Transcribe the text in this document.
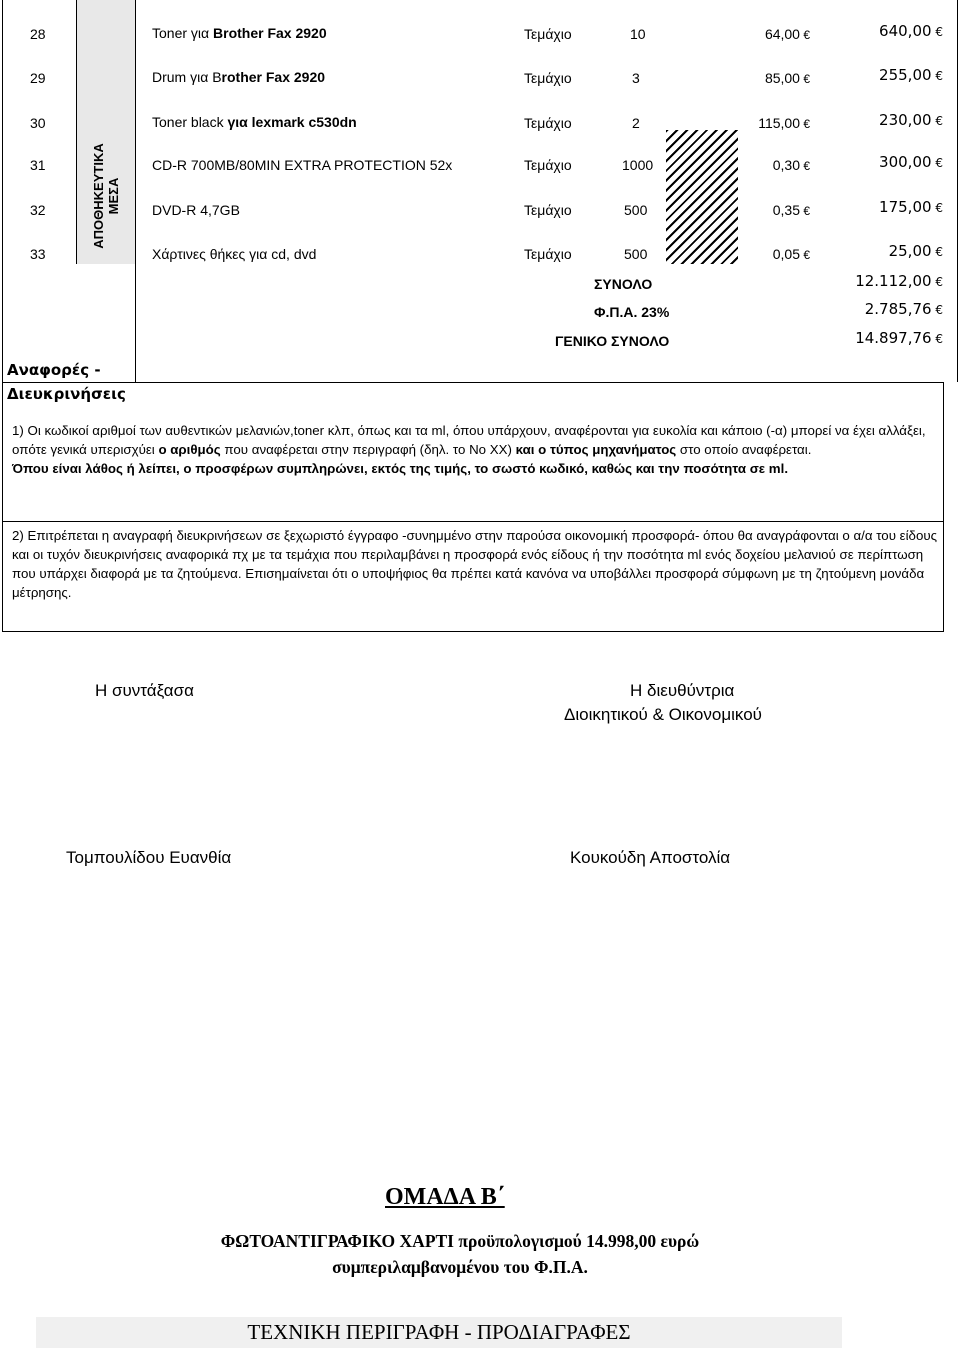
28	Toner για Brother Fax 2920	Τεμάχιο	10	64,00 €	640,00 €
29	Drum για Brother Fax 2920	Τεμάχιο	3	85,00 €	255,00 €
30	Toner black για lexmark c530dn	Τεμάχιο	2	115,00 €	230,00 €
31	CD-R 700MB/80MIN EXTRA PROTECTION 52x	Τεμάχιο	1000	0,30 €	300,00 €
32	DVD-R 4,7GB	Τεμάχιο	500	0,35 €	175,00 €
33	Χάρτινες θήκες για cd, dvd	Τεμάχιο	500	0,05 €	25,00 €
ΑΠΟΘΗΚΕΥΤΙΚΑ ΜΕΣΑ
ΣΥΝΟΛΟ	12.112,00 €
Φ.Π.Α. 23%	2.785,76 €
ΓΕΝΙΚΟ ΣΥΝΟΛΟ	14.897,76 €
Αναφορές -
Διευκρινήσεις

1) Οι κωδικοί αριθμοί των αυθεντικών μελανιών,toner κλπ, όπως και τα ml, όπου υπάρχουν, αναφέρονται για ευκολία και κάποιο (-α) μπορεί να έχει αλλάξει, οπότε γενικά υπερισχύει ο αριθμός που αναφέρεται στην περιγραφή (δηλ. το Νο ΧΧ) και ο τύπος μηχανήματος στο οποίο αναφέρεται.

Όπου είναι λάθος ή λείπει, ο προσφέρων συμπληρώνει, εκτός της τιμής, το σωστό κωδικό, καθώς και την ποσότητα σε ml.

2) Επιτρέπεται η αναγραφή διευκρινήσεων σε ξεχωριστό έγγραφο -συνημμένο στην παρούσα οικονομική προσφορά- όπου θα αναγράφονται ο α/α του είδους και οι τυχόν διευκρινήσεις αναφορικά πχ με τα τεμάχια που περιλαμβάνει η προσφορά ενός είδους ή την ποσότητα ml ενός δοχείου μελανιού σε περίπτωση που υπάρχει διαφορά με τα ζητούμενα. Επισημαίνεται ότι ο υποψήφιος θα πρέπει κατά κανόνα να υποβάλλει προσφορά σύμφωνη με τη ζητούμενη μονάδα μέτρησης.

Η συντάξασα	Η διευθύντρια
Διοικητικού & Οικονομικού
Τομπουλίδου Ευανθία	Κουκούδη Αποστολία
ΟΜΑΔΑ Β΄
ΦΩΤΟΑΝΤΙΓΡΑΦΙΚΟ ΧΑΡΤΙ προϋπολογισμού 14.998,00 ευρώ
συμπεριλαμβανομένου του Φ.Π.Α.
ΤΕΧΝΙΚΗ ΠΕΡΙΓΡΑΦΗ - ΠΡΟΔΙΑΓΡΑΦΕΣ
